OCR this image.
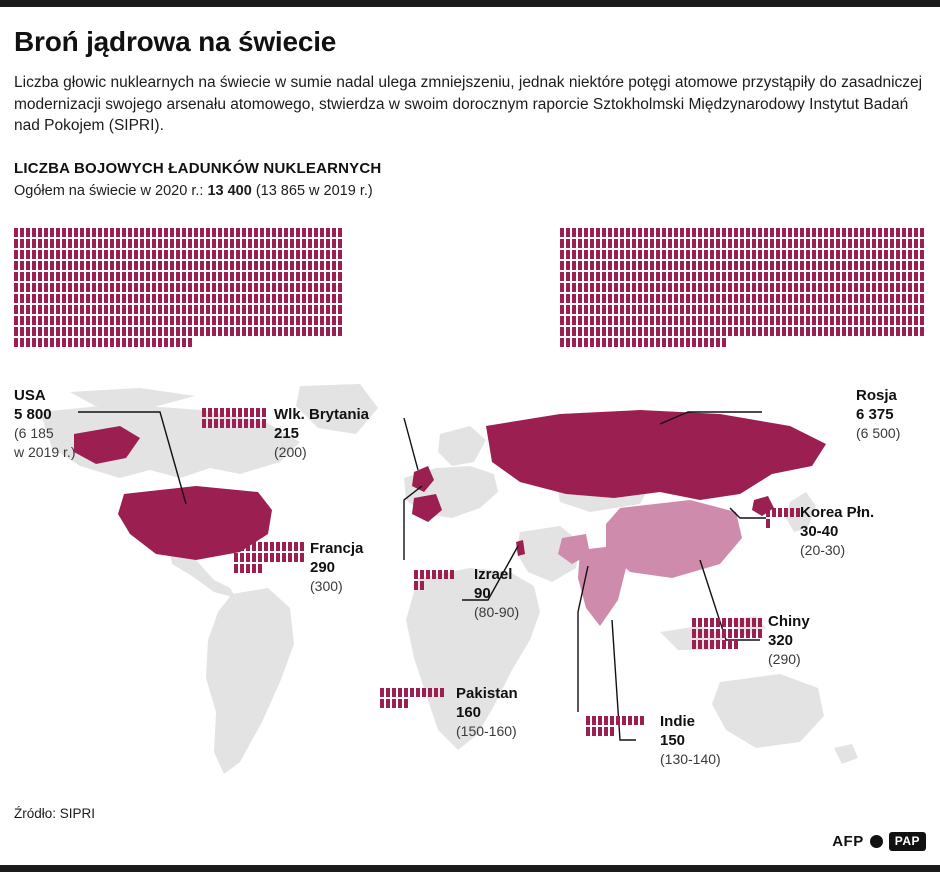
Broń jądrowa na świecie
Liczba głowic nuklearnych na świecie w sumie nadal ulega zmniejszeniu, jednak niektóre potęgi atomowe przystąpiły do zasadniczej modernizacji swojego arsenału atomowego, stwierdza w swoim dorocznym raporcie Sztokholmski Międzynarodowy Instytut Badań nad Pokojem (SIPRI).
LICZBA BOJOWYCH ŁADUNKÓW NUKLEARNYCH
Ogółem na świecie w 2020 r.: 13 400 (13 865 w 2019 r.)
USA
5 800
(6 185
w 2019 r.)
Rosja
6 375
(6 500)
Wlk. Brytania
215
(200)
Francja
290
(300)
Izrael
90
(80-90)
Pakistan
160
(150-160)
Indie
150
(130-140)
Chiny
320
(290)
Korea Płn.
30-40
(20-30)
Źródło: SIPRI
AFP	PAP
